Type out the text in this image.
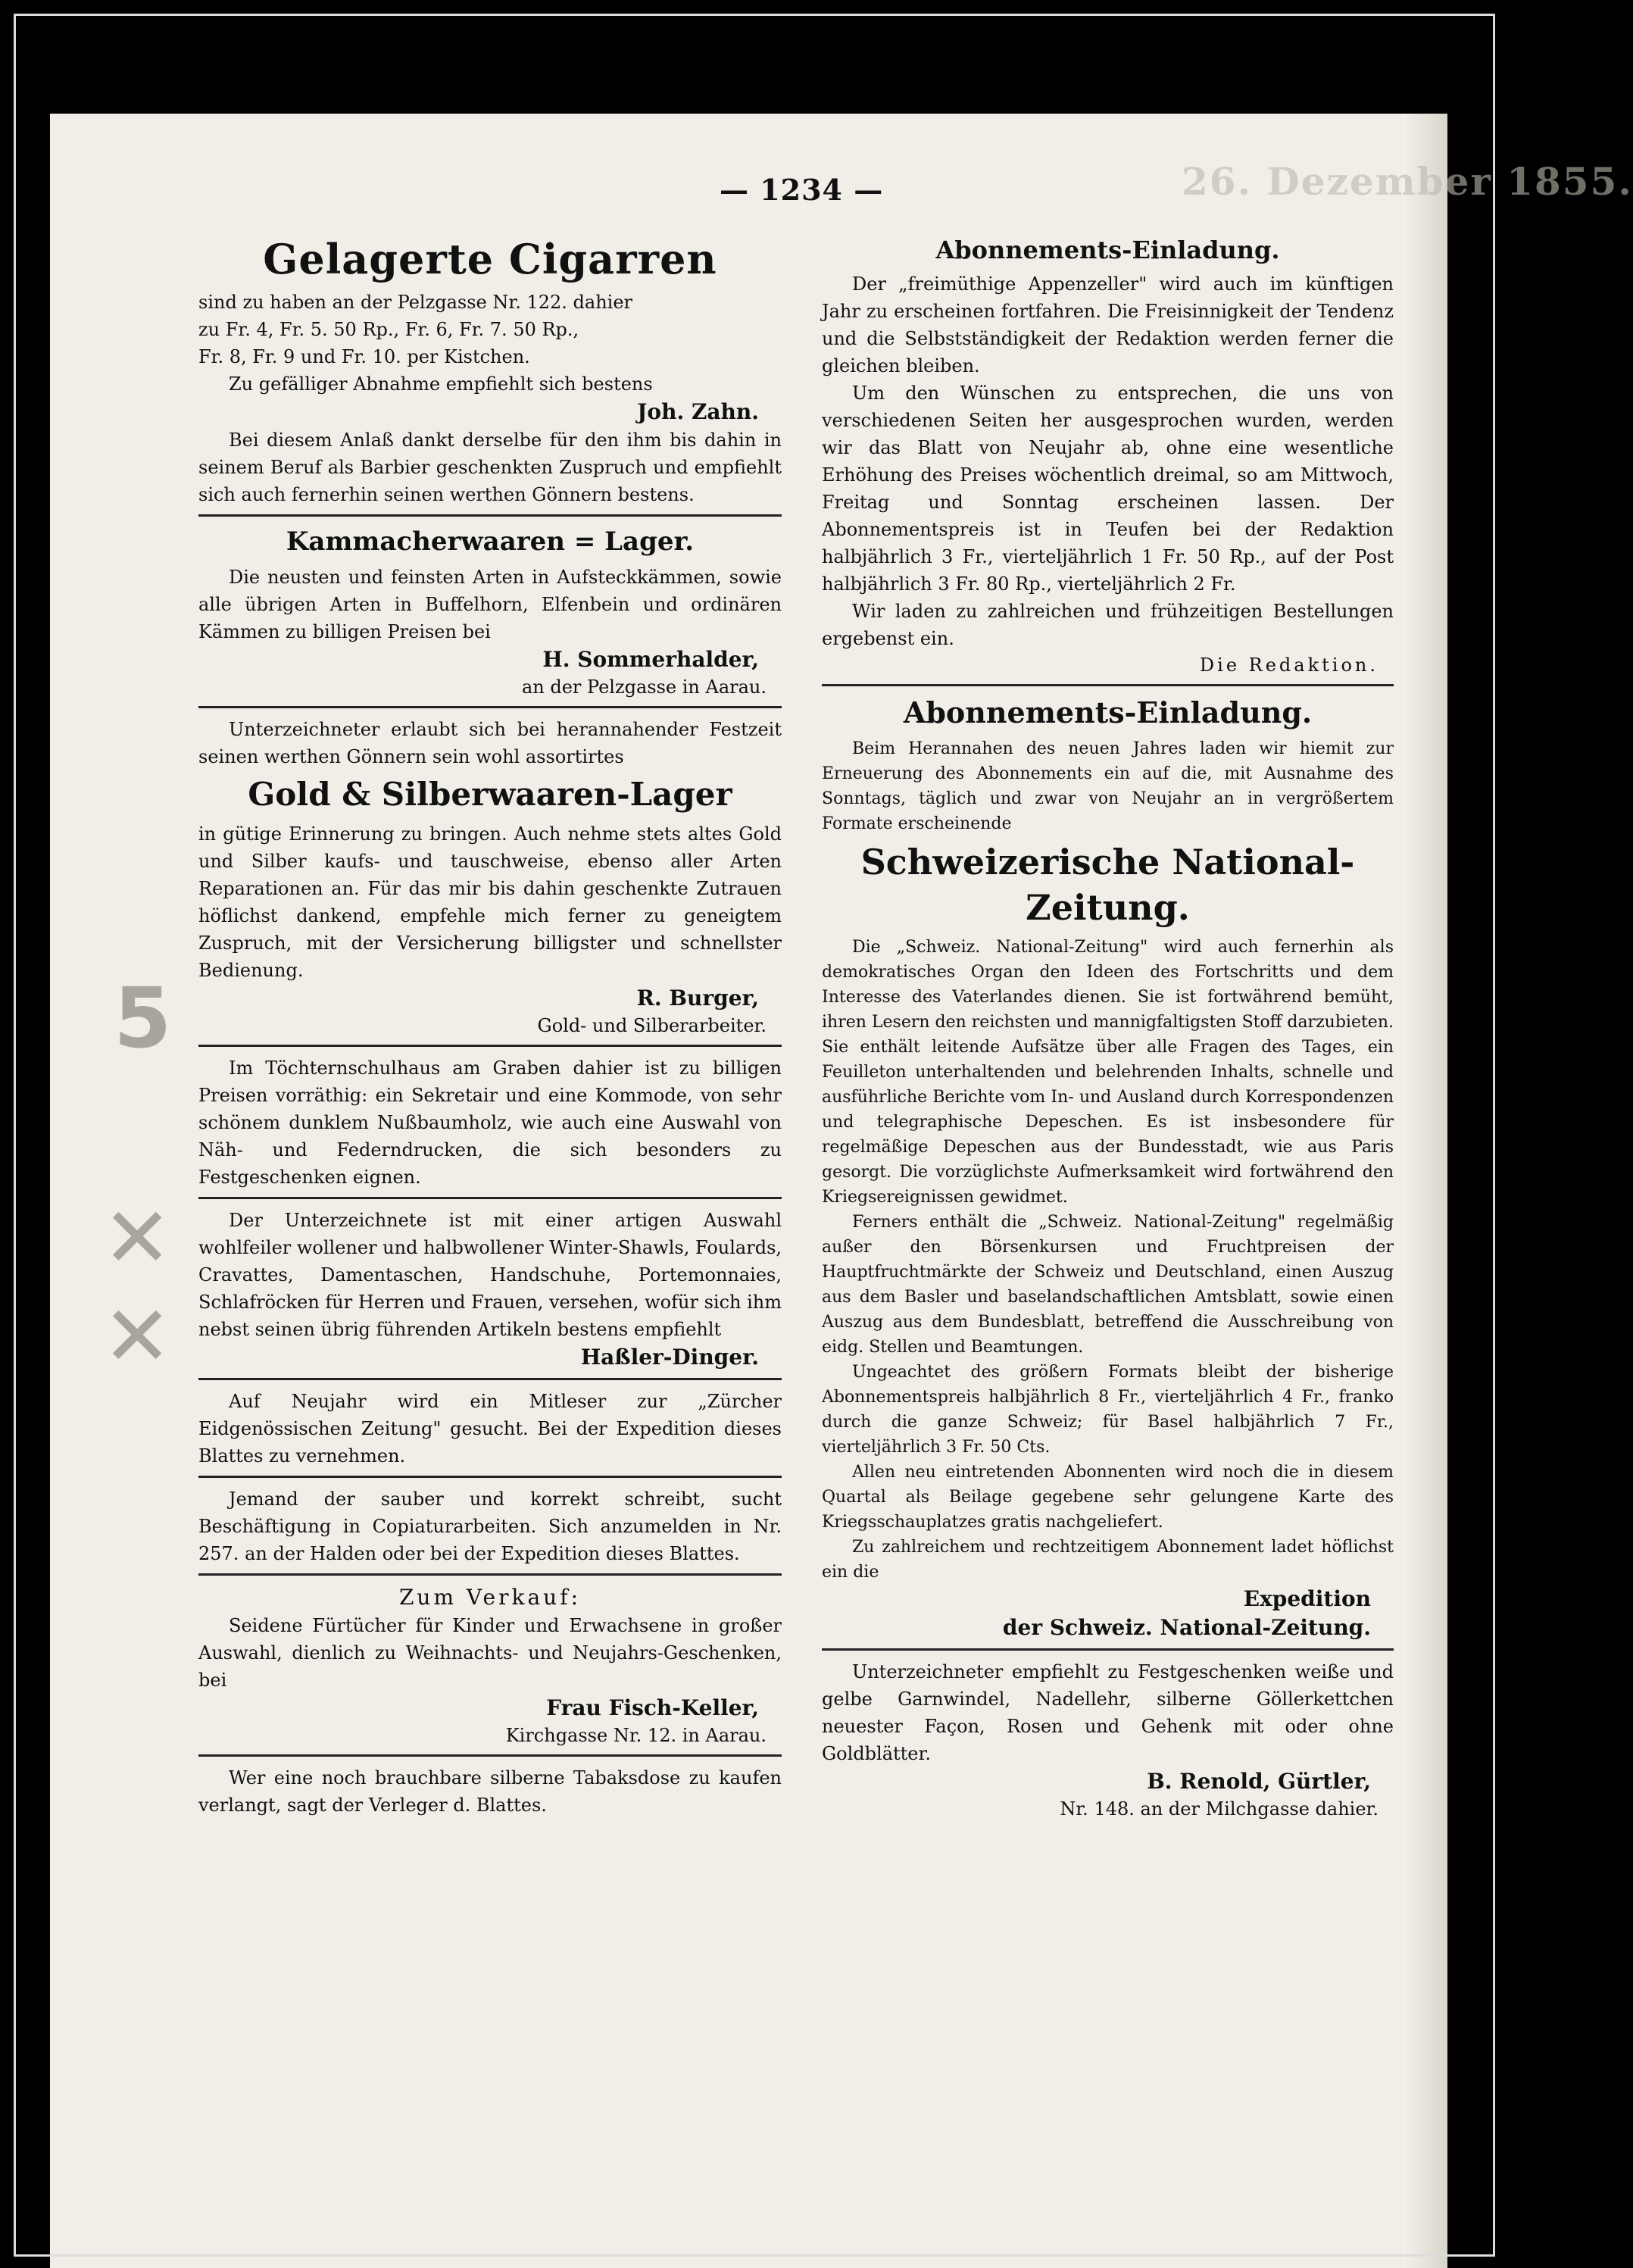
26. Dezember 1855.
— 1234 —
5
✕
✕
Gelagerte Cigarren

sind zu haben an der Pelzgasse Nr. 122. dahier

zu Fr. 4, Fr. 5. 50 Rp., Fr. 6, Fr. 7. 50 Rp.,

Fr. 8, Fr. 9 und Fr. 10. per Kistchen.

Zu gefälliger Abnahme empfiehlt sich bestens

Joh. Zahn.

Bei diesem Anlaß dankt derselbe für den ihm bis dahin in seinem Beruf als Barbier geschenkten Zuspruch und empfiehlt sich auch fernerhin seinen werthen Gönnern bestens.

Kammacherwaaren = Lager.

Die neusten und feinsten Arten in Aufsteckkämmen, sowie alle übrigen Arten in Buffelhorn, Elfenbein und ordinären Kämmen zu billigen Preisen bei

H. Sommerhalder,
an der Pelzgasse in Aarau.

Unterzeichneter erlaubt sich bei herannahender Festzeit seinen werthen Gönnern sein wohl assortirtes

Gold & Silberwaaren-Lager

in gütige Erinnerung zu bringen. Auch nehme stets altes Gold und Silber kaufs- und tauschweise, ebenso aller Arten Reparationen an. Für das mir bis dahin geschenkte Zutrauen höflichst dankend, empfehle mich ferner zu geneigtem Zuspruch, mit der Versicherung billigster und schnellster Bedienung.

R. Burger,
Gold- und Silberarbeiter.

Im Töchternschulhaus am Graben dahier ist zu billigen Preisen vorräthig: ein Sekretair und eine Kommode, von sehr schönem dunklem Nußbaumholz, wie auch eine Auswahl von Näh- und Federndrucken, die sich besonders zu Festgeschenken eignen.

Der Unterzeichnete ist mit einer artigen Auswahl wohlfeiler wollener und halbwollener Winter-Shawls, Foulards, Cravattes, Damentaschen, Handschuhe, Portemonnaies, Schlafröcken für Herren und Frauen, versehen, wofür sich ihm nebst seinen übrig führenden Artikeln bestens empfiehlt

Haßler-Dinger.

Auf Neujahr wird ein Mitleser zur „Zürcher Eidgenössischen Zeitung" gesucht. Bei der Expedition dieses Blattes zu vernehmen.

Jemand der sauber und korrekt schreibt, sucht Beschäftigung in Copiaturarbeiten. Sich anzumelden in Nr. 257. an der Halden oder bei der Expedition dieses Blattes.

Zum Verkauf:

Seidene Fürtücher für Kinder und Erwachsene in großer Auswahl, dienlich zu Weihnachts- und Neujahrs-Geschenken, bei

Frau Fisch-Keller,
Kirchgasse Nr. 12. in Aarau.

Wer eine noch brauchbare silberne Tabaksdose zu kaufen verlangt, sagt der Verleger d. Blattes.

Abonnements-Einladung.

Der „freimüthige Appenzeller" wird auch im künftigen Jahr zu erscheinen fortfahren. Die Freisinnigkeit der Tendenz und die Selbstständigkeit der Redaktion werden ferner die gleichen bleiben.

Um den Wünschen zu entsprechen, die uns von verschiedenen Seiten her ausgesprochen wurden, werden wir das Blatt von Neujahr ab, ohne eine wesentliche Erhöhung des Preises wöchentlich dreimal, so am Mittwoch, Freitag und Sonntag erscheinen lassen. Der Abonnementspreis ist in Teufen bei der Redaktion halbjährlich 3 Fr., vierteljährlich 1 Fr. 50 Rp., auf der Post halbjährlich 3 Fr. 80 Rp., vierteljährlich 2 Fr.

Wir laden zu zahlreichen und frühzeitigen Bestellungen ergebenst ein.

Die Redaktion.
Abonnements-Einladung.

Beim Herannahen des neuen Jahres laden wir hiemit zur Erneuerung des Abonnements ein auf die, mit Ausnahme des Sonntags, täglich und zwar von Neujahr an in vergrößertem Formate erscheinende

Schweizerische National-Zeitung.

Die „Schweiz. National-Zeitung" wird auch fernerhin als demokratisches Organ den Ideen des Fortschritts und dem Interesse des Vaterlandes dienen. Sie ist fortwährend bemüht, ihren Lesern den reichsten und mannigfaltigsten Stoff darzubieten. Sie enthält leitende Aufsätze über alle Fragen des Tages, ein Feuilleton unterhaltenden und belehrenden Inhalts, schnelle und ausführliche Berichte vom In- und Ausland durch Korrespondenzen und telegraphische Depeschen. Es ist insbesondere für regelmäßige Depeschen aus der Bundesstadt, wie aus Paris gesorgt. Die vorzüglichste Aufmerksamkeit wird fortwährend den Kriegsereignissen gewidmet.

Ferners enthält die „Schweiz. National-Zeitung" regelmäßig außer den Börsenkursen und Fruchtpreisen der Hauptfruchtmärkte der Schweiz und Deutschland, einen Auszug aus dem Basler und baselandschaftlichen Amtsblatt, sowie einen Auszug aus dem Bundesblatt, betreffend die Ausschreibung von eidg. Stellen und Beamtungen.

Ungeachtet des größern Formats bleibt der bisherige Abonnementspreis halbjährlich 8 Fr., vierteljährlich 4 Fr., franko durch die ganze Schweiz; für Basel halbjährlich 7 Fr., vierteljährlich 3 Fr. 50 Cts.

Allen neu eintretenden Abonnenten wird noch die in diesem Quartal als Beilage gegebene sehr gelungene Karte des Kriegsschauplatzes gratis nachgeliefert.

Zu zahlreichem und rechtzeitigem Abonnement ladet höflichst ein die

Expedition
der Schweiz. National-Zeitung.

Unterzeichneter empfiehlt zu Festgeschenken weiße und gelbe Garnwindel, Nadellehr, silberne Göllerkettchen neuester Façon, Rosen und Gehenk mit oder ohne Goldblätter.

B. Renold, Gürtler,
Nr. 148. an der Milchgasse dahier.
